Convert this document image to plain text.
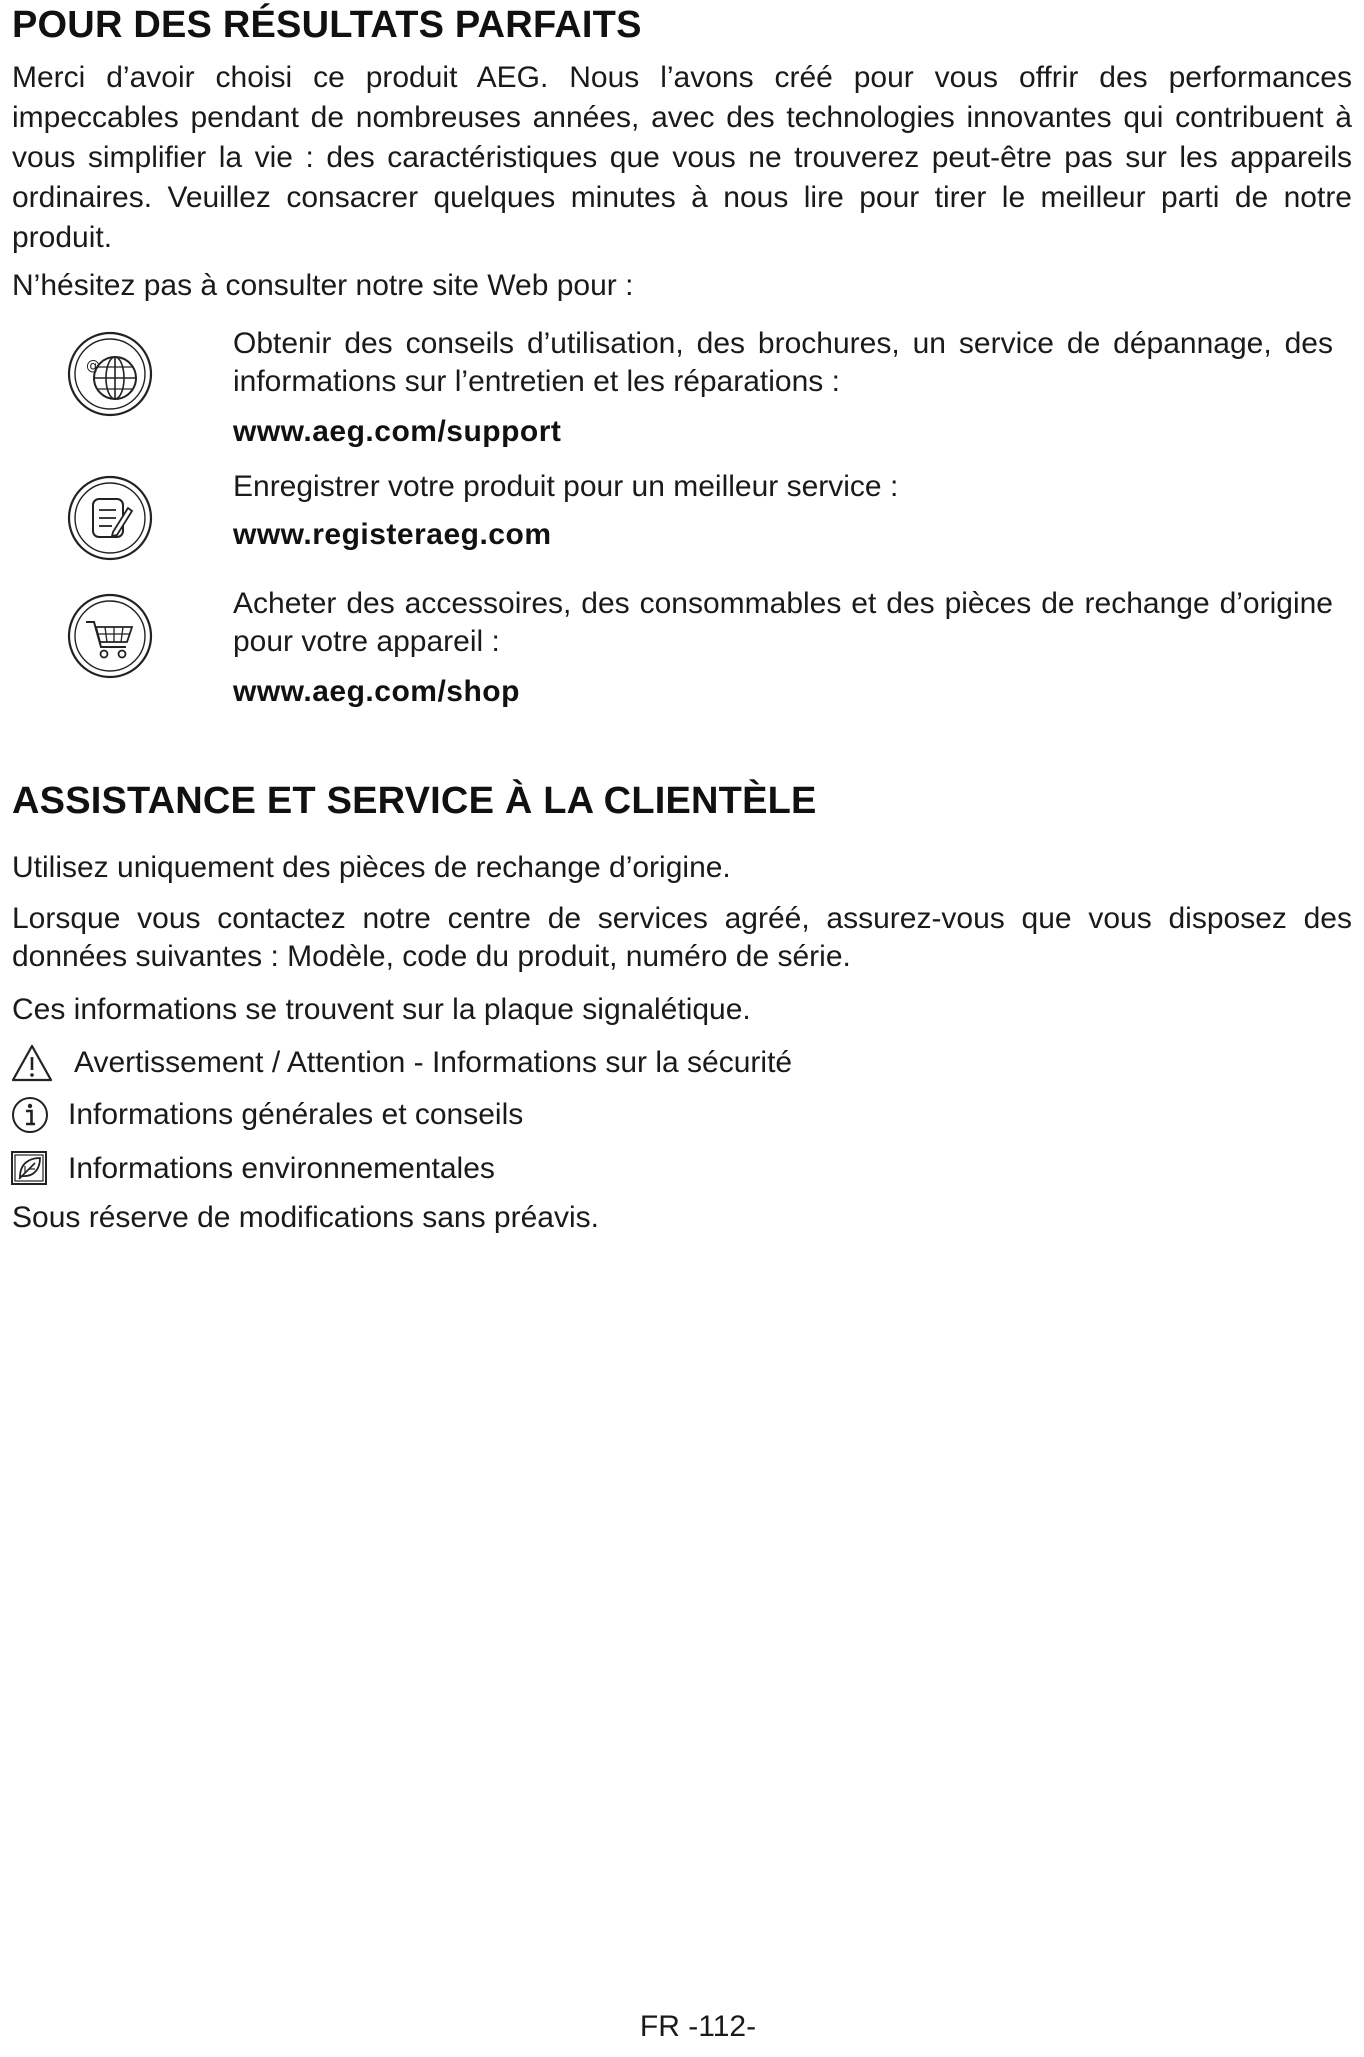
POUR DES RÉSULTATS PARFAITS

Merci d’avoir choisi ce produit AEG. Nous l’avons créé pour vous offrir des performances impeccables pendant de nombreuses années, avec des technologies innovantes qui contribuent à vous simplifier la vie : des caractéristiques que vous ne trouverez peut-être pas sur les appareils ordinaires. Veuillez consacrer quelques minutes à nous lire pour tirer le meilleur parti de notre produit.

N’hésitez pas à consulter notre site Web pour :

@

Obtenir des conseils d’utilisation, des brochures, un service de dépannage, des informations sur l’entretien et les réparations :

www.aeg.com/support

Enregistrer votre produit pour un meilleur service :

www.registeraeg.com

Acheter des accessoires, des consommables et des pièces de rechange d’origine pour votre appareil :

www.aeg.com/shop
ASSISTANCE ET SERVICE À LA CLIENTÈLE

Utilisez uniquement des pièces de rechange d’origine.

Lorsque vous contactez notre centre de services agréé, assurez-vous que vous disposez des données suivantes : Modèle, code du produit, numéro de série.

Ces informations se trouvent sur la plaque signalétique.

Avertissement / Attention - Informations sur la sécurité
Informations générales et conseils
Informations environnementales

Sous réserve de modifications sans préavis.

FR -112-
